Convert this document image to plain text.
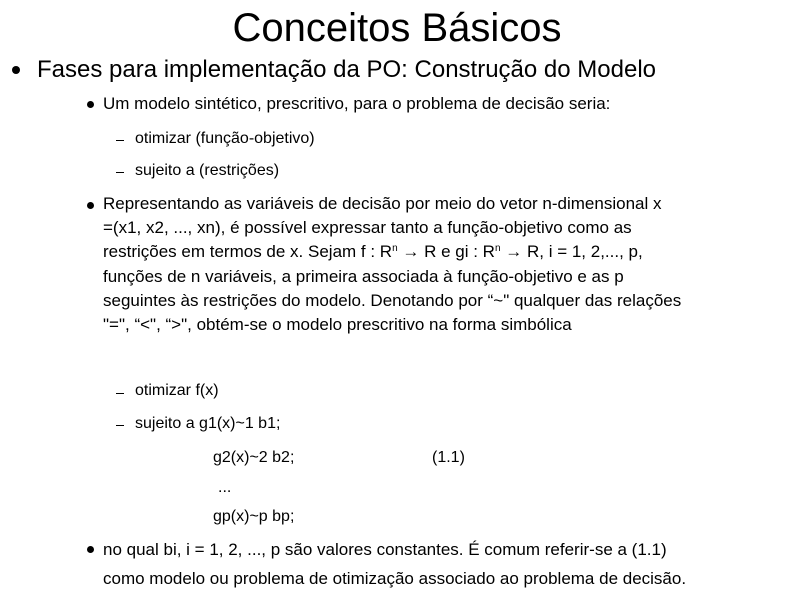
Conceitos Básicos
Fases para implementação da PO: Construção do Modelo
Um modelo sintético, prescritivo, para o problema de decisão seria:
otimizar (função-objetivo)
sujeito a (restrições)
Representando as variáveis de decisão por meio do vetor n-dimensional x
=(x1, x2, ..., xn), é possível expressar tanto a função-objetivo como as
restrições em termos de x. Sejam f : $R^n \to R$ e gi : $R^n \to R$, i = 1, 2,..., p,
funções de n variáveis, a primeira associada à função-objetivo e as p
seguintes às restrições do modelo. Denotando por “~" qualquer das relações
"=", “<", “>", obtém-se o modelo prescritivo na forma simbólica
otimizar f(x)
sujeito a g1(x)~1 b1;
g2(x)~2 b2;	(1.1)
...
gp(x)~p bp;
no qual bi, i = 1, 2, ..., p são valores constantes. É comum referir-se a (1.1)
como modelo ou problema de otimização associado ao problema de decisão.
